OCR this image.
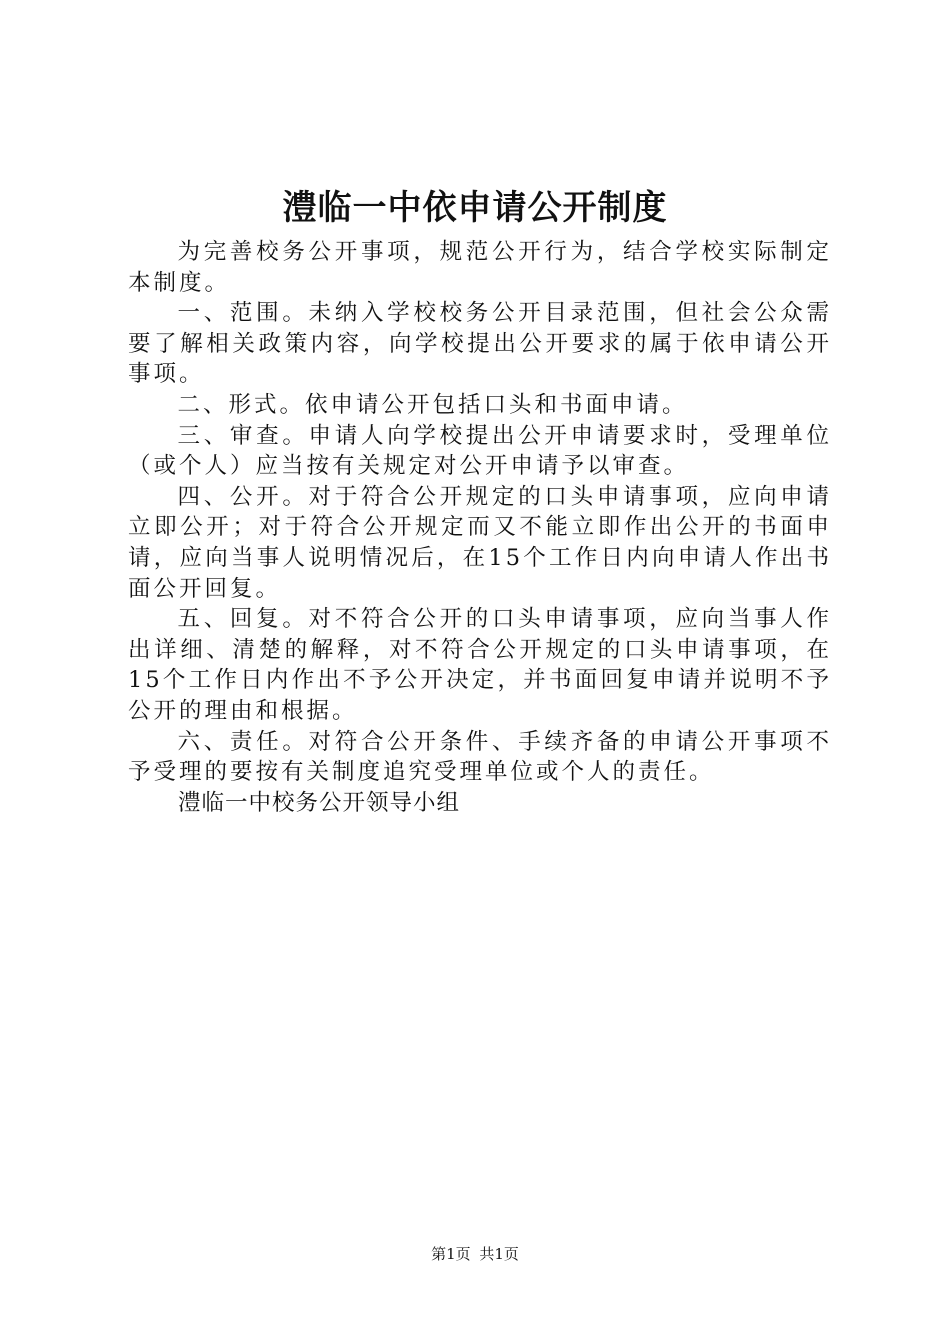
澧临一中依申请公开制度

为完善校务公开事项，规范公开行为，结合学校实际制定本制度。

一、范围。未纳入学校校务公开目录范围，但社会公众需要了解相关政策内容，向学校提出公开要求的属于依申请公开事项。

二、形式。依申请公开包括口头和书面申请。

三、审查。申请人向学校提出公开申请要求时，受理单位（或个人）应当按有关规定对公开申请予以审查。

四、公开。对于符合公开规定的口头申请事项，应向申请立即公开；对于符合公开规定而又不能立即作出公开的书面申请，应向当事人说明情况后，在15个工作日内向申请人作出书面公开回复。

五、回复。对不符合公开的口头申请事项，应向当事人作出详细、清楚的解释，对不符合公开规定的口头申请事项，在15个工作日内作出不予公开决定，并书面回复申请并说明不予公开的理由和根据。

六、责任。对符合公开条件、手续齐备的申请公开事项不予受理的要按有关制度追究受理单位或个人的责任。

澧临一中校务公开领导小组

第1页 共1页
